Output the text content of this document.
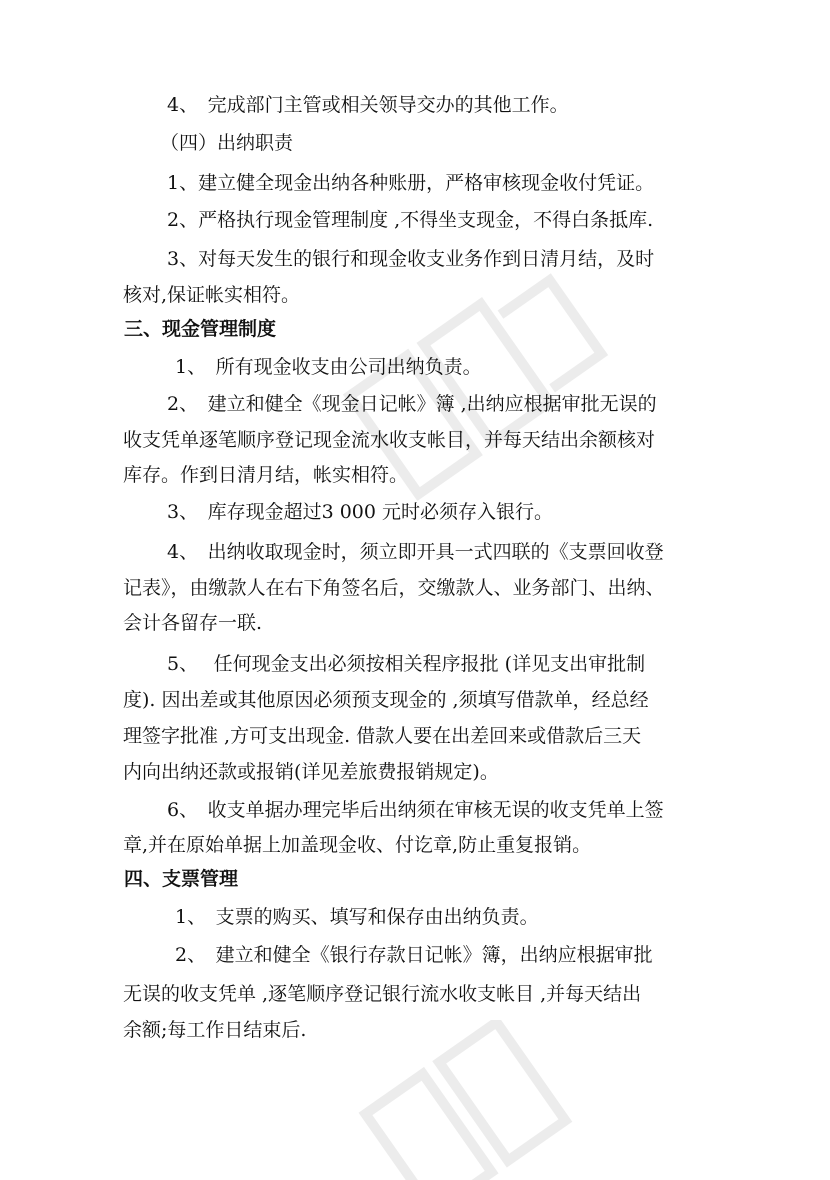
4、　完成部门主管或相关领导交办的其他工作。
（四）出纳职责
1、建立健全现金出纳各种账册，严格审核现金收付凭证。
2、严格执行现金管理制度 ,不得坐支现金，不得白条抵库.
3、对每天发生的银行和现金收支业务作到日清月结，及时
核对,保证帐实相符。
三、现金管理制度
1、　所有现金收支由公司出纳负责。
2、　建立和健全《现金日记帐》簿 ,出纳应根据审批无误的
收支凭单逐笔顺序登记现金流水收支帐目，并每天结出余额核对
库存。作到日清月结，帐实相符。
3、　库存现金超过3 000 元时必须存入银行。
4、　出纳收取现金时，须立即开具一式四联的《支票回收登
记表》，由缴款人在右下角签名后，交缴款人、业务部门、出纳、
会计各留存一联.
5、　 任何现金支出必须按相关程序报批 (详见支出审批制
度). 因出差或其他原因必须预支现金的 ,须填写借款单，经总经
理签字批准 ,方可支出现金. 借款人要在出差回来或借款后三天
内向出纳还款或报销(详见差旅费报销规定)。
6、　收支单据办理完毕后出纳须在审核无误的收支凭单上签
章,并在原始单据上加盖现金收、付讫章,防止重复报销。
四、支票管理
1、　支票的购买、填写和保存由出纳负责。
2、　建立和健全《银行存款日记帐》簿，出纳应根据审批
无误的收支凭单 ,逐笔顺序登记银行流水收支帐目 ,并每天结出
余额;每工作日结束后.
